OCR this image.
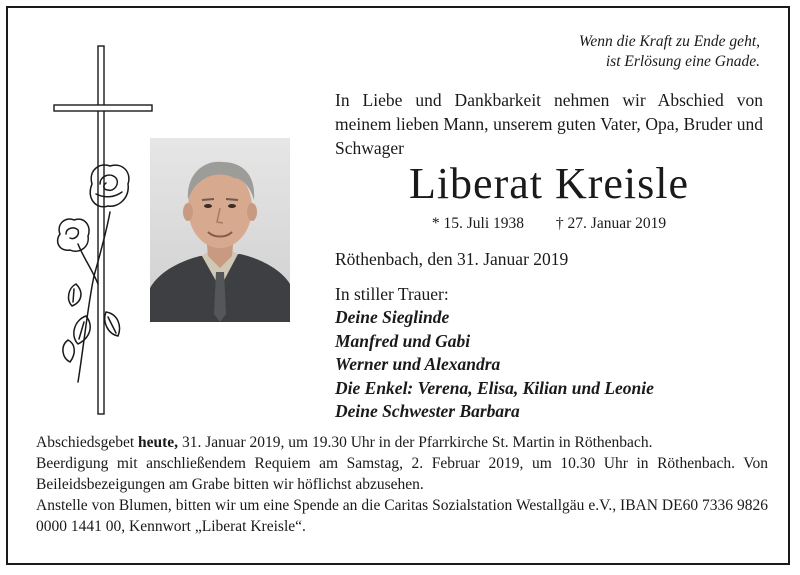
Wenn die Kraft zu Ende geht,
ist Erlösung eine Gnade.
In Liebe und Dankbarkeit nehmen wir Abschied von meinem lieben Mann, unserem guten Vater, Opa, Bruder und Schwager
Liberat Kreisle
* 15. Juli 1938 † 27. Januar 2019
Röthenbach, den 31. Januar 2019
In stiller Trauer:
Deine Sieglinde
Manfred und Gabi
Werner und Alexandra
Die Enkel: Verena, Elisa, Kilian und Leonie
Deine Schwester Barbara

Abschiedsgebet heute, 31. Januar 2019, um 19.30 Uhr in der Pfarrkirche St. Martin in Röthenbach.

Beerdigung mit anschließendem Requiem am Samstag, 2. Februar 2019, um 10.30 Uhr in Röthenbach. Von Beileidsbezeigungen am Grabe bitten wir höflichst abzusehen.

Anstelle von Blumen, bitten wir um eine Spende an die Caritas Sozialstation Westallgäu e.V., IBAN DE60 7336 9826 0000 1441 00, Kennwort „Liberat Kreisle“.
